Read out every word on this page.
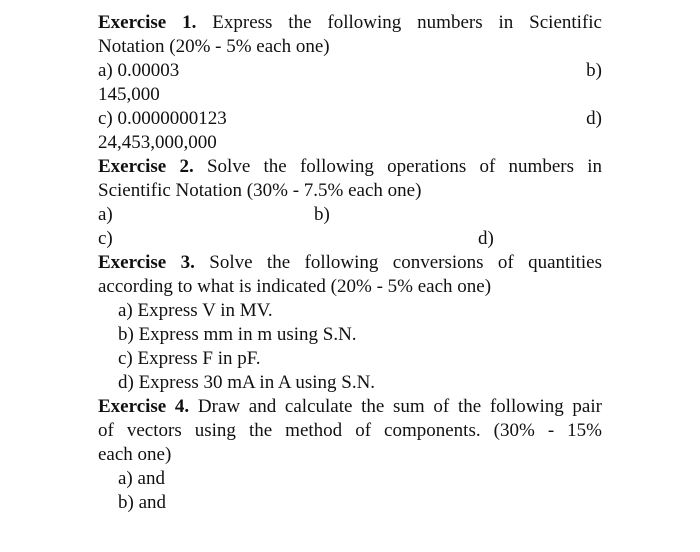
Exercise 1. Express the following numbers in Scientific
Notation (20% - 5% each one)
a) 0.00003	b)
145,000
c) 0.0000000123	d)
24,453,000,000
Exercise 2. Solve the following operations of numbers in
Scientific Notation (30% - 7.5% each one)
a)	b)
c)	d)
Exercise 3. Solve the following conversions of quantities
according to what is indicated (20% - 5% each one)
a) Express V in MV.
b) Express mm in m using S.N.
c) Express F in pF.
d) Express 30 mA in A using S.N.
Exercise 4. Draw and calculate the sum of the following pair
of vectors using the method of components. (30% - 15%
each one)
a) and
b) and
